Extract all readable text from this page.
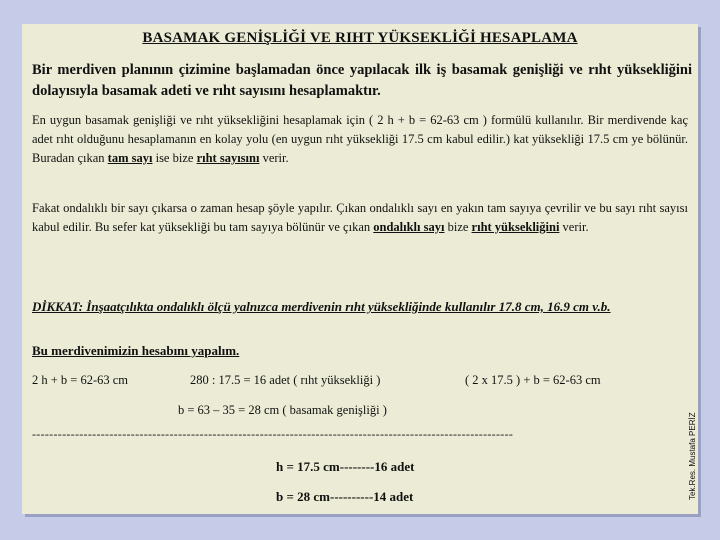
BASAMAK GENİŞLİĞİ VE RIHT YÜKSEKLİĞİ HESAPLAMA
Bir merdiven planının çizimine başlamadan önce yapılacak ilk iş basamak genişliği ve rıht yüksekliğini dolayısıyla basamak adeti ve rıht sayısını hesaplamaktır.
En uygun basamak genişliği ve rıht yüksekliğini hesaplamak için ( 2 h + b = 62-63 cm ) formülü kullanılır. Bir merdivende kaç adet rıht olduğunu hesaplamanın en kolay yolu (en uygun rıht yüksekliği 17.5 cm kabul edilir.) kat yüksekliği 17.5 cm ye bölünür. Buradan çıkan tam sayı ise bize rıht sayısını verir.
Fakat ondalıklı bir sayı çıkarsa o zaman hesap şöyle yapılır. Çıkan ondalıklı sayı en yakın tam sayıya çevrilir ve bu sayı rıht sayısı kabul edilir. Bu sefer kat yüksekliği bu tam sayıya bölünür ve çıkan ondalıklı sayı bize rıht yüksekliğini verir.
DİKKAT: İnşaatçılıkta ondalıklı ölçü yalnızca merdivenin rıht yüksekliğinde kullanılır 17.8 cm, 16.9 cm v.b.
Bu merdivenimizin hesabını yapalım.
2 h + b = 62-63 cm	280 : 17.5 = 16 adet ( rıht yüksekliği )	( 2 x 17.5 ) + b = 62-63 cm
b = 63 – 35 = 28 cm ( basamak genişliği )
----------------------------------------------------------------------------------------------------------------
h = 17.5 cm--------16 adet
b = 28 cm----------14 adet	Tek.Res. Mustafa PERİZ
